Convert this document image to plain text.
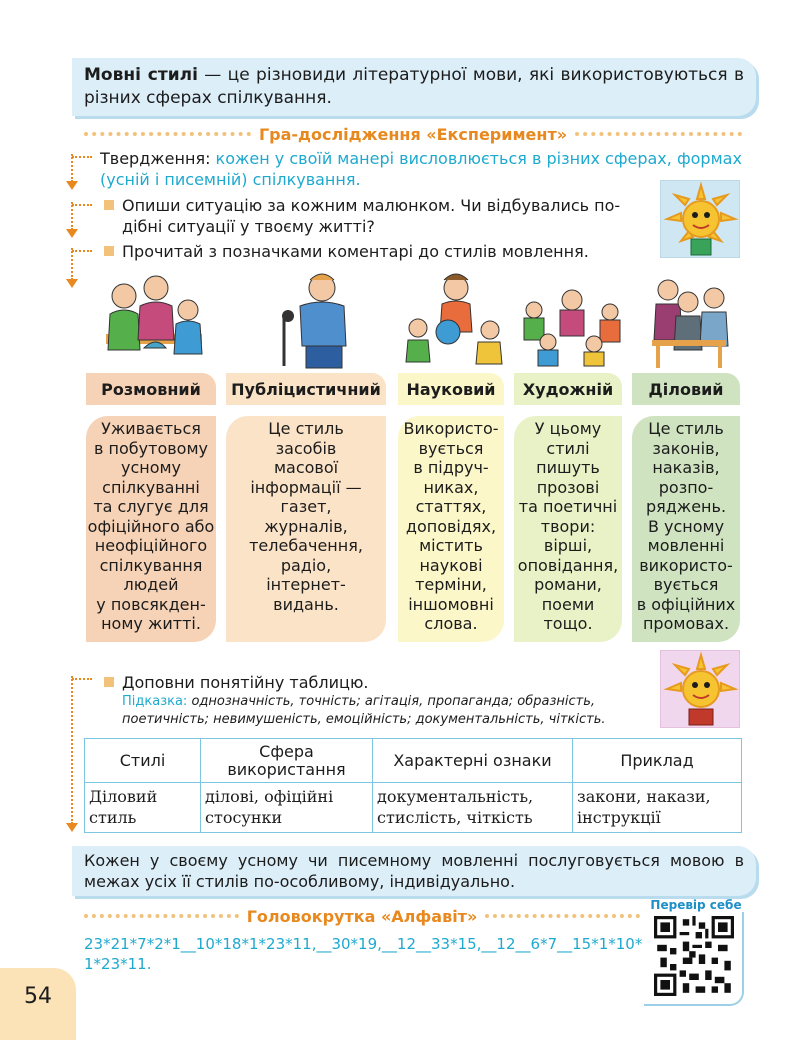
Мовні стилі — це різновиди літературної мови, які використовуються в різних сферах спілкування.

Гра-дослідження «Експеримент»
Твердження: кожен у своїй манері висловлюється в різних сферах, формах (усній і писемній) спілкування.
Опиши ситуацію за кожним малюнком. Чи відбувались по-
дібні ситуації у твоєму житті?
Прочитай з позначками коментарі до стилів мовлення.
Розмовний	Публіцистичний	Науковий	Художній	Діловий
Уживається
в побутовому
усному
спілкуванні
та слугує для
офіційного або
неофіційного
спілкування
людей
у повсякден-
ному житті.
Це стиль
засобів
масової
інформації —
газет,
журналів,
телебачення,
радіо,
інтернет-
видань.
Використо-
вується
в підруч-
никах,
статтях,
доповідях,
містить
наукові
терміни,
іншомовні
слова.
У цьому
стилі
пишуть
прозові
та поетичні
твори:
вірші,
оповідання,
романи,
поеми
тощо.
Це стиль
законів,
наказів,
розпо-
ряджень.
В усному
мовленні
використо-
вується
в офіційних
промовах.
Доповни понятійну таблицю.
Підказка: однозначність, точність; агітація, пропаганда; образність,
поетичність; невимушеність, емоційність; документальність, чіткість.
Стилі	Сфера використання	Характерні ознаки	Приклад
Діловий стиль	ділові, офіційні стосунки	документальність, стислість, чіткість	закони, накази, інструкції

Кожен у своєму усному чи писемному мовленні послуговується мовою в межах усіх її стилів по-особливому, індивідуально.

Головокрутка «Алфавіт»
23*21*7*2*1__10*18*1*23*11,__30*19,__12__33*15,__12__6*7__15*1*10*1*23*11.
Перевір себе
54
